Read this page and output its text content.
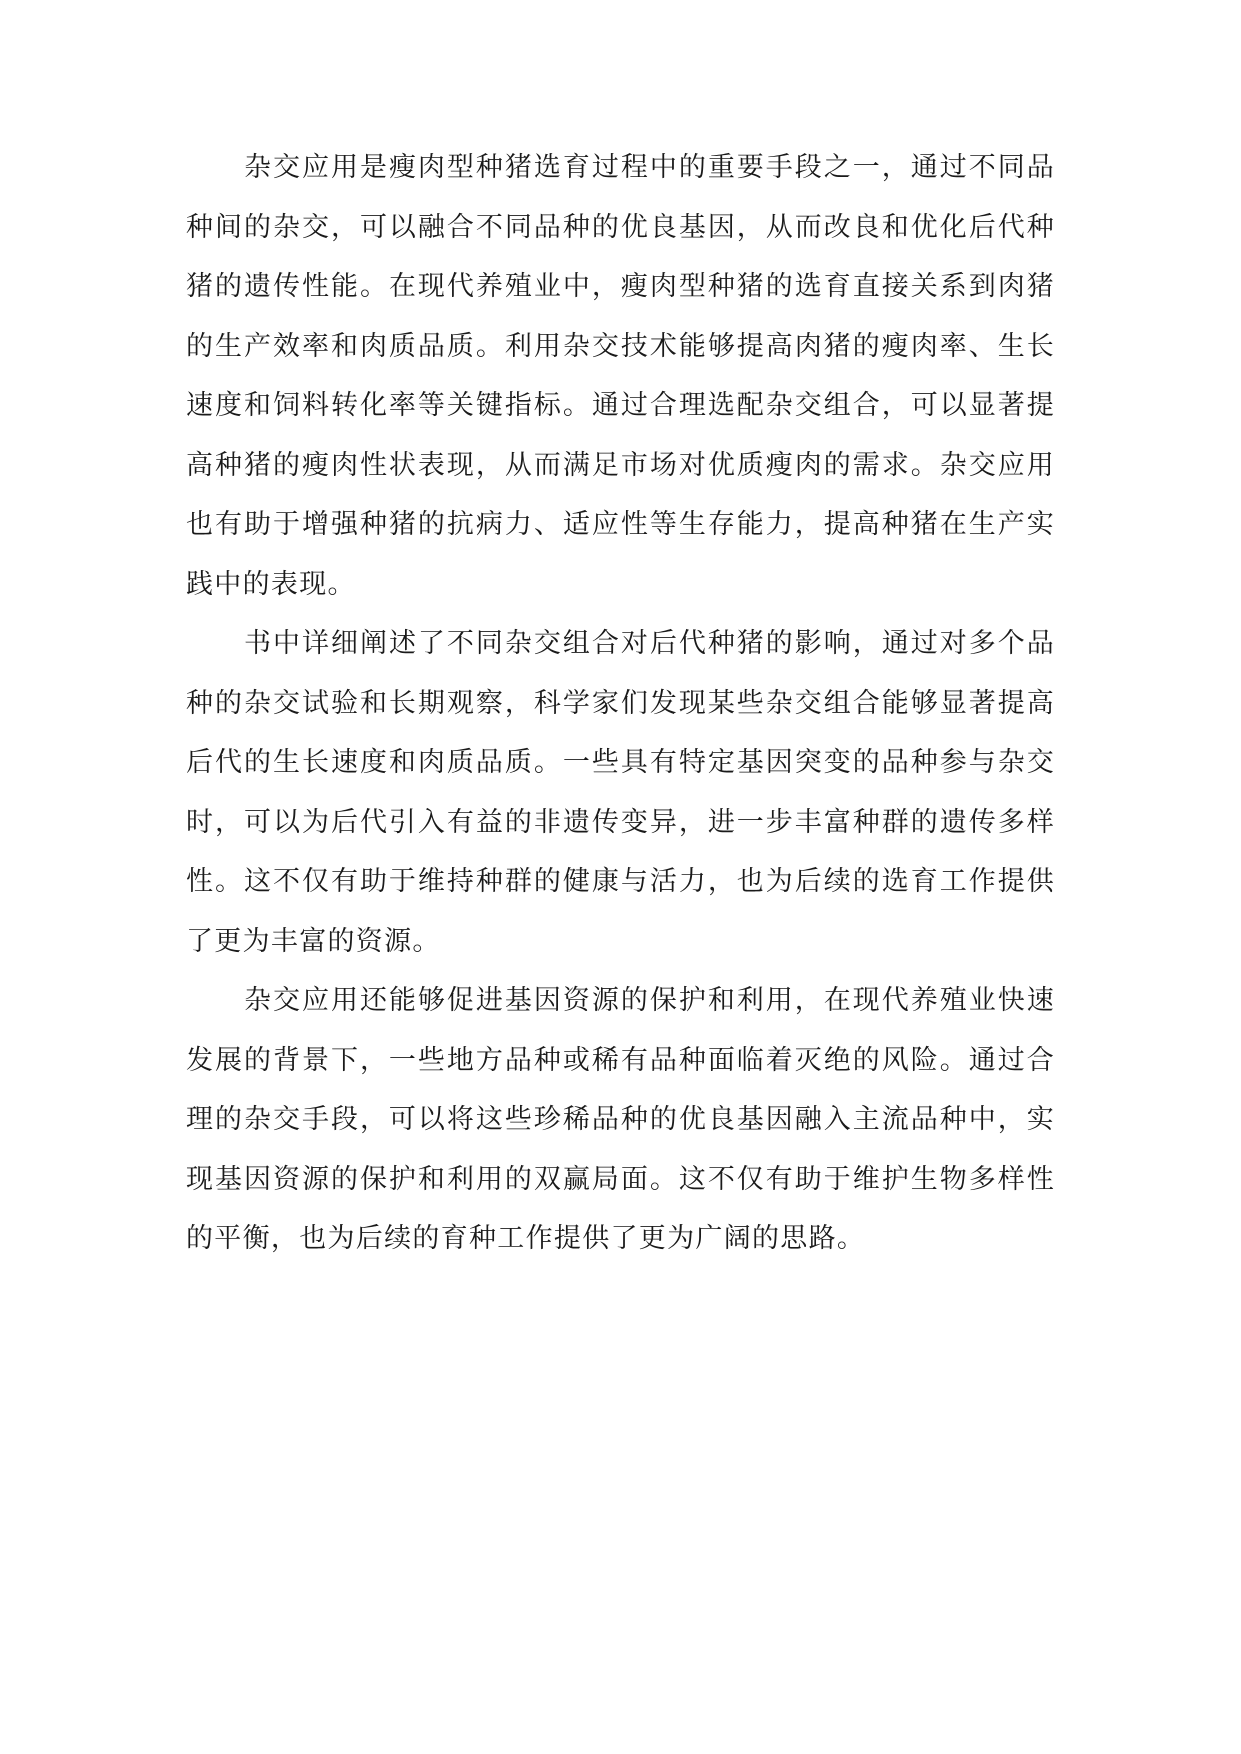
杂交应用是瘦肉型种猪选育过程中的重要手段之一，通过不同品种间的杂交，可以融合不同品种的优良基因，从而改良和优化后代种猪的遗传性能。在现代养殖业中，瘦肉型种猪的选育直接关系到肉猪的生产效率和肉质品质。利用杂交技术能够提高肉猪的瘦肉率、生长速度和饲料转化率等关键指标。通过合理选配杂交组合，可以显著提高种猪的瘦肉性状表现，从而满足市场对优质瘦肉的需求。杂交应用也有助于增强种猪的抗病力、适应性等生存能力，提高种猪在生产实践中的表现。

书中详细阐述了不同杂交组合对后代种猪的影响，通过对多个品种的杂交试验和长期观察，科学家们发现某些杂交组合能够显著提高后代的生长速度和肉质品质。一些具有特定基因突变的品种参与杂交时，可以为后代引入有益的非遗传变异，进一步丰富种群的遗传多样性。这不仅有助于维持种群的健康与活力，也为后续的选育工作提供了更为丰富的资源。

杂交应用还能够促进基因资源的保护和利用，在现代养殖业快速发展的背景下，一些地方品种或稀有品种面临着灭绝的风险。通过合理的杂交手段，可以将这些珍稀品种的优良基因融入主流品种中，实现基因资源的保护和利用的双赢局面。这不仅有助于维护生物多样性的平衡，也为后续的育种工作提供了更为广阔的思路。
